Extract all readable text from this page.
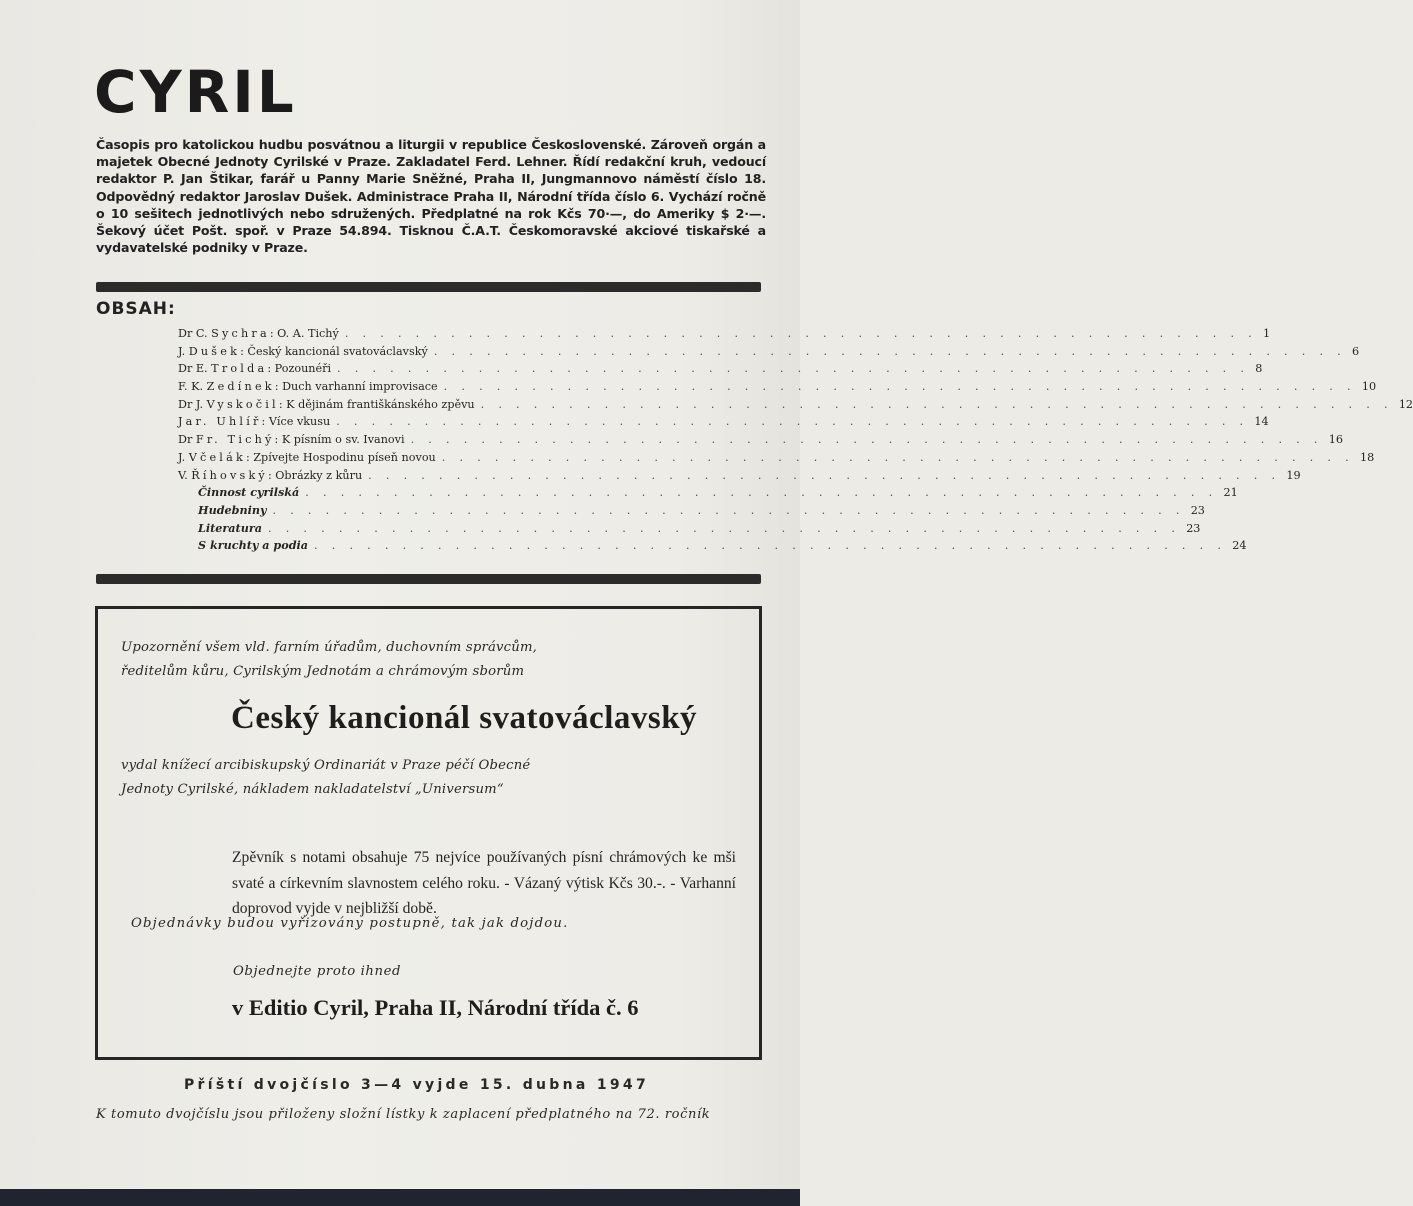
CYRIL
Časopis pro katolickou hudbu posvátnou a liturgii v republice Československé. Zároveň orgán a majetek Obecné Jednoty Cyrilské v Praze. Zakladatel Ferd. Lehner. Řídí redakční kruh, vedoucí redaktor P. Jan Štikar, farář u Panny Marie Sněžné, Praha II, Jungmannovo náměstí číslo 18. Odpovědný redaktor Jaroslav Dušek. Administrace Praha II, Národní třída číslo 6. Vychází ročně o 10 sešitech jednotlivých nebo sdružených. Předplatné na rok Kčs 70·—, do Ameriky $ 2·—. Šekový účet Pošt. spoř. v Praze 54.894. Tisknou Č.A.T. Českomoravské akciové tiskařské a vydavatelské podniky v Praze.
OBSAH:
Dr C. Sychra : O. A. Tichý . . . . . . . . . . . . . . . . . . . . . . . . . . . . . . . . . . . . . . . . . . . . . . . . . . . . 1
J. Dušek : Český kancionál svatováclavský . . . . . . . . . . . . . . . . . . . . . . . . . . . . . . . . . . . . . . . . . . . . . . . . . . . . 6
Dr E. Trolda : Pozounéři . . . . . . . . . . . . . . . . . . . . . . . . . . . . . . . . . . . . . . . . . . . . . . . . . . . . 8
F. K. Zedínek : Duch varhanní improvisace . . . . . . . . . . . . . . . . . . . . . . . . . . . . . . . . . . . . . . . . . . . . . . . . . . . . 10
Dr J. Vyskočil : K dějinám františkánského zpěvu . . . . . . . . . . . . . . . . . . . . . . . . . . . . . . . . . . . . . . . . . . . . . . . . . . . . 12
Jar. Uhlíř : Více vkusu . . . . . . . . . . . . . . . . . . . . . . . . . . . . . . . . . . . . . . . . . . . . . . . . . . . . 14
Dr Fr. Tichý : K písním o sv. Ivanovi . . . . . . . . . . . . . . . . . . . . . . . . . . . . . . . . . . . . . . . . . . . . . . . . . . . . 16
J. Včelák : Zpívejte Hospodinu píseň novou . . . . . . . . . . . . . . . . . . . . . . . . . . . . . . . . . . . . . . . . . . . . . . . . . . . . 18
V. Říhovský : Obrázky z kůru . . . . . . . . . . . . . . . . . . . . . . . . . . . . . . . . . . . . . . . . . . . . . . . . . . . . 19
Činnost cyrilská . . . . . . . . . . . . . . . . . . . . . . . . . . . . . . . . . . . . . . . . . . . . . . . . . . . . 21
Hudebniny . . . . . . . . . . . . . . . . . . . . . . . . . . . . . . . . . . . . . . . . . . . . . . . . . . . . 23
Literatura . . . . . . . . . . . . . . . . . . . . . . . . . . . . . . . . . . . . . . . . . . . . . . . . . . . . 23
S kruchty a podia . . . . . . . . . . . . . . . . . . . . . . . . . . . . . . . . . . . . . . . . . . . . . . . . . . . . 24
Upozornění všem vld. farním úřadům, duchovním správcům,
ředitelům kůru, Cyrilským Jednotám a chrámovým sborům
Český kancionál svatováclavský
vydal knížecí arcibiskupský Ordinariát v Praze péčí Obecné
Jednoty Cyrilské, nákladem nakladatelství „Universum“
Zpěvník s notami obsahuje 75 nejvíce používaných písní chrámových ke mši svaté a církevním slavnostem celého roku. - Vázaný výtisk Kčs 30.-. - Varhanní doprovod vyjde v nejbližší době.
Objednávky budou vyřizovány postupně, tak jak dojdou.
Objednejte proto ihned
v Editio Cyril, Praha II, Národní třída č. 6
Příští dvojčíslo 3—4 vyjde 15. dubna 1947
K tomuto dvojčíslu jsou přiloženy složní lístky k zaplacení předplatného na 72. ročník
